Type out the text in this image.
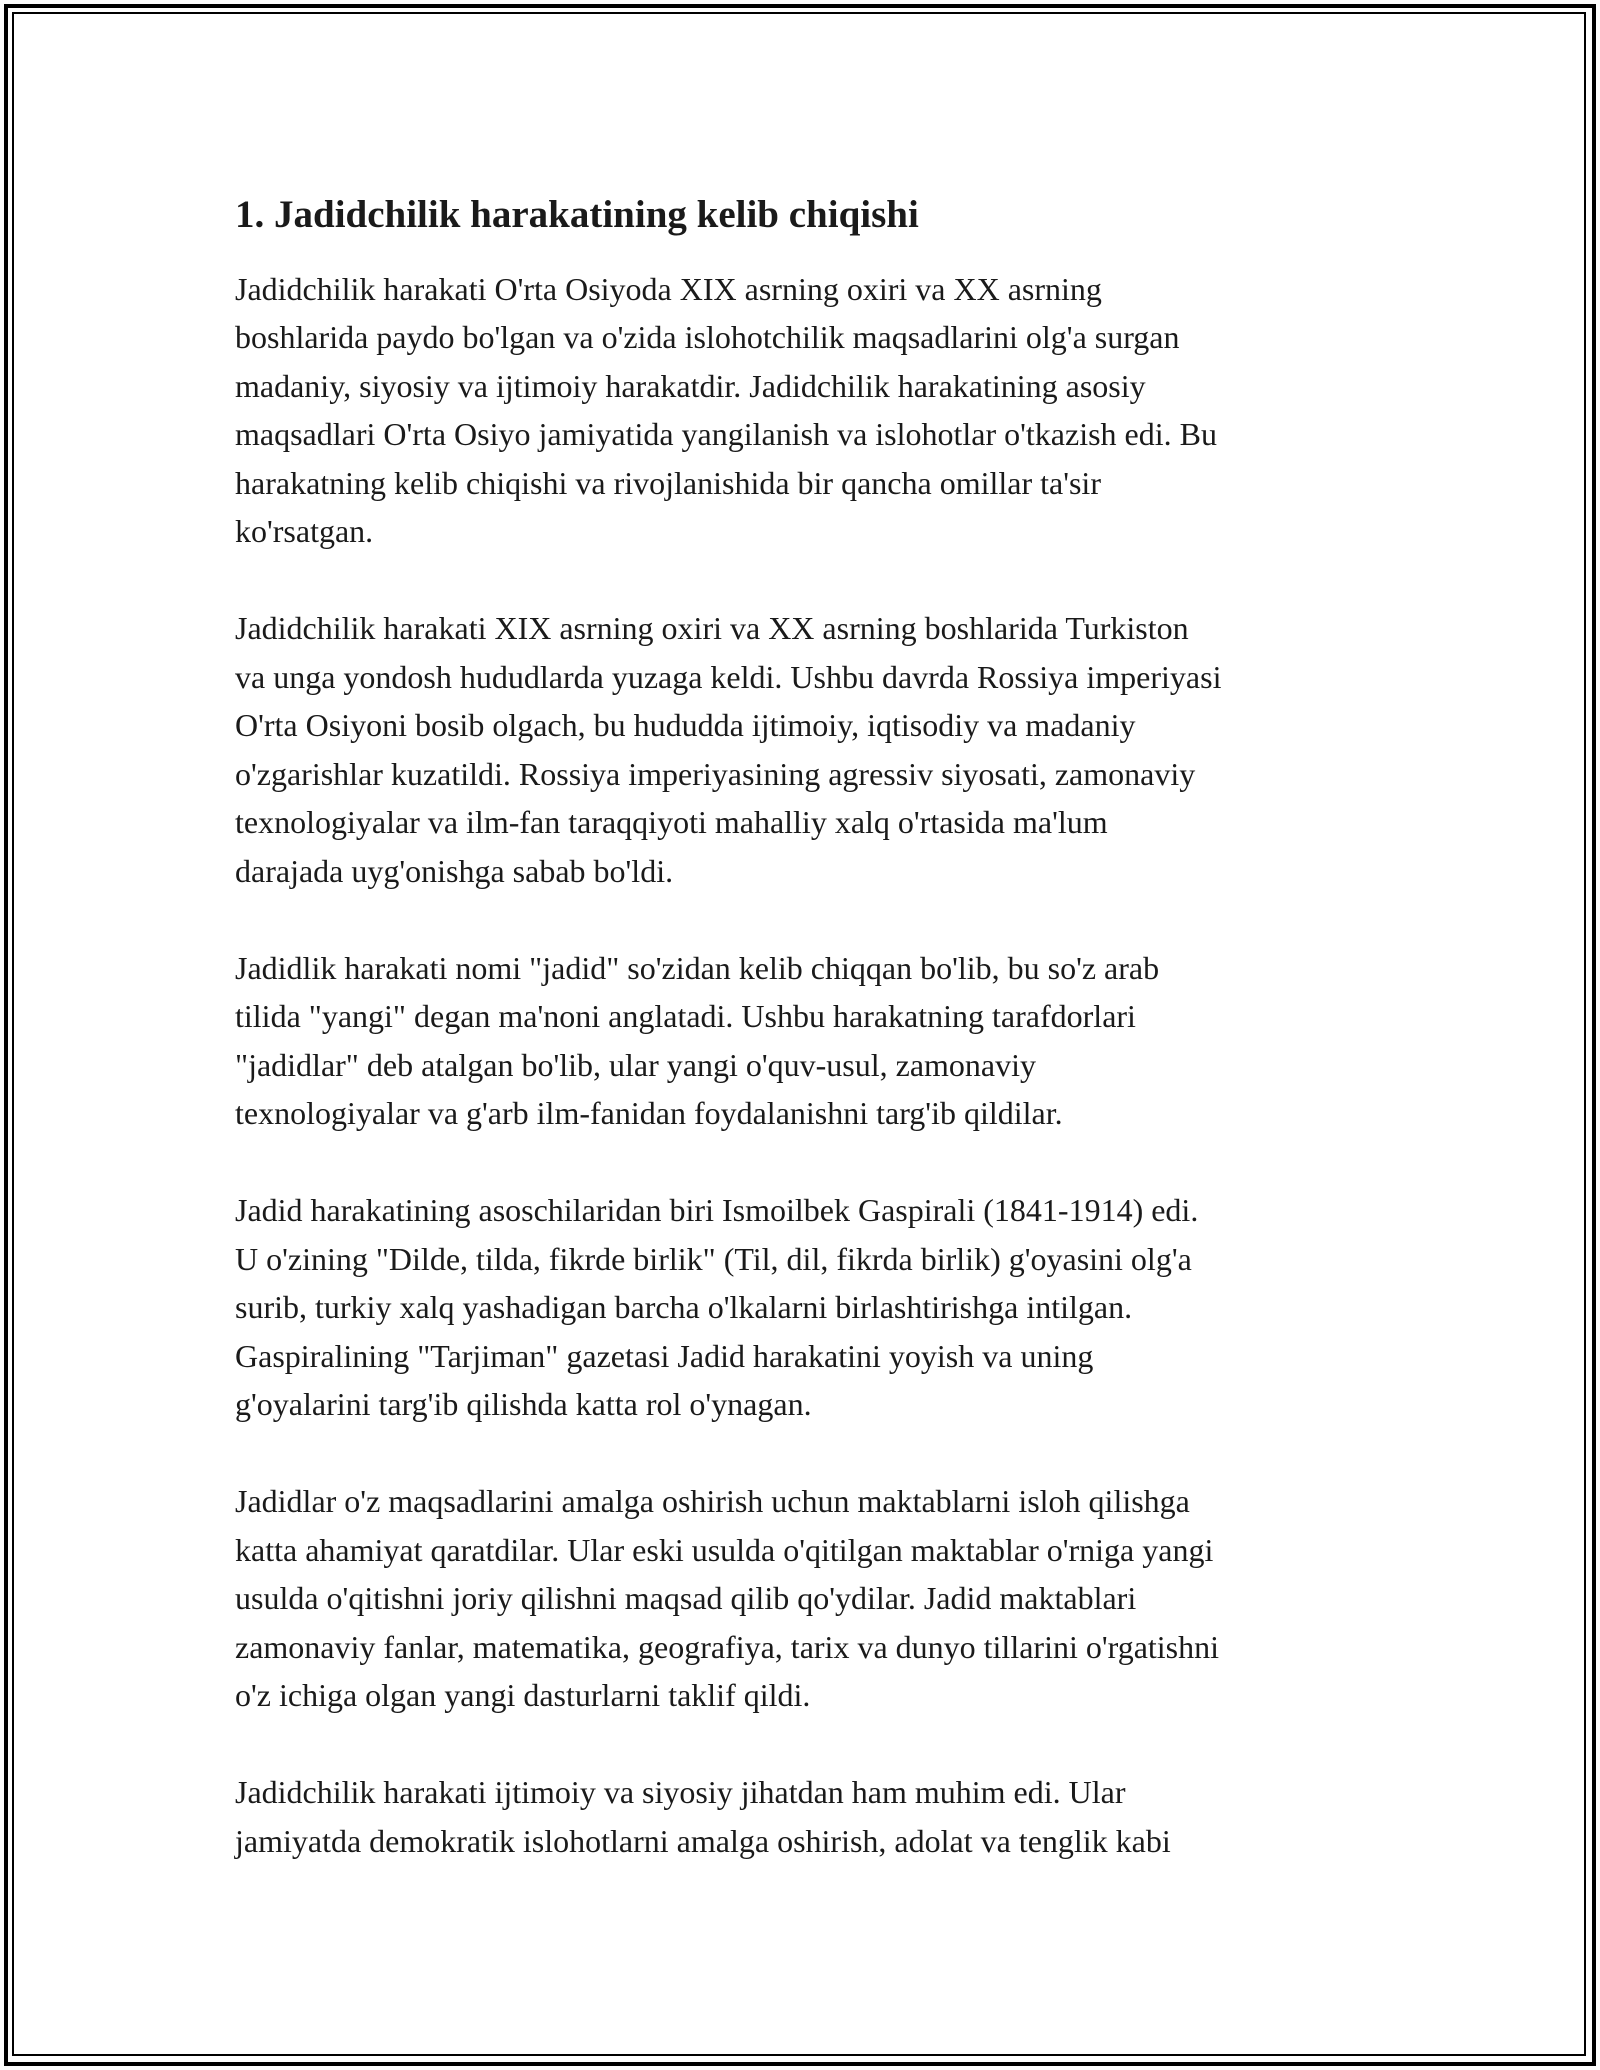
1. Jadidchilik harakatining kelib chiqishi

Jadidchilik harakati O'rta Osiyoda XIX asrning oxiri va XX asrning
boshlarida paydo bo'lgan va o'zida islohotchilik maqsadlarini olg'a surgan
madaniy, siyosiy va ijtimoiy harakatdir. Jadidchilik harakatining asosiy
maqsadlari O'rta Osiyo jamiyatida yangilanish va islohotlar o'tkazish edi. Bu
harakatning kelib chiqishi va rivojlanishida bir qancha omillar ta'sir
ko'rsatgan.

Jadidchilik harakati XIX asrning oxiri va XX asrning boshlarida Turkiston
va unga yondosh hududlarda yuzaga keldi. Ushbu davrda Rossiya imperiyasi
O'rta Osiyoni bosib olgach, bu hududda ijtimoiy, iqtisodiy va madaniy
o'zgarishlar kuzatildi. Rossiya imperiyasining agressiv siyosati, zamonaviy
texnologiyalar va ilm-fan taraqqiyoti mahalliy xalq o'rtasida ma'lum
darajada uyg'onishga sabab bo'ldi.

Jadidlik harakati nomi "jadid" so'zidan kelib chiqqan bo'lib, bu so'z arab
tilida "yangi" degan ma'noni anglatadi. Ushbu harakatning tarafdorlari
"jadidlar" deb atalgan bo'lib, ular yangi o'quv-usul, zamonaviy
texnologiyalar va g'arb ilm-fanidan foydalanishni targ'ib qildilar.

Jadid harakatining asoschilaridan biri Ismoilbek Gaspirali (1841-1914) edi.
U o'zining "Dilde, tilda, fikrde birlik" (Til, dil, fikrda birlik) g'oyasini olg'a
surib, turkiy xalq yashadigan barcha o'lkalarni birlashtirishga intilgan.
Gaspiralining "Tarjiman" gazetasi Jadid harakatini yoyish va uning
g'oyalarini targ'ib qilishda katta rol o'ynagan.

Jadidlar o'z maqsadlarini amalga oshirish uchun maktablarni isloh qilishga
katta ahamiyat qaratdilar. Ular eski usulda o'qitilgan maktablar o'rniga yangi
usulda o'qitishni joriy qilishni maqsad qilib qo'ydilar. Jadid maktablari
zamonaviy fanlar, matematika, geografiya, tarix va dunyo tillarini o'rgatishni
o'z ichiga olgan yangi dasturlarni taklif qildi.

Jadidchilik harakati ijtimoiy va siyosiy jihatdan ham muhim edi. Ular
jamiyatda demokratik islohotlarni amalga oshirish, adolat va tenglik kabi
